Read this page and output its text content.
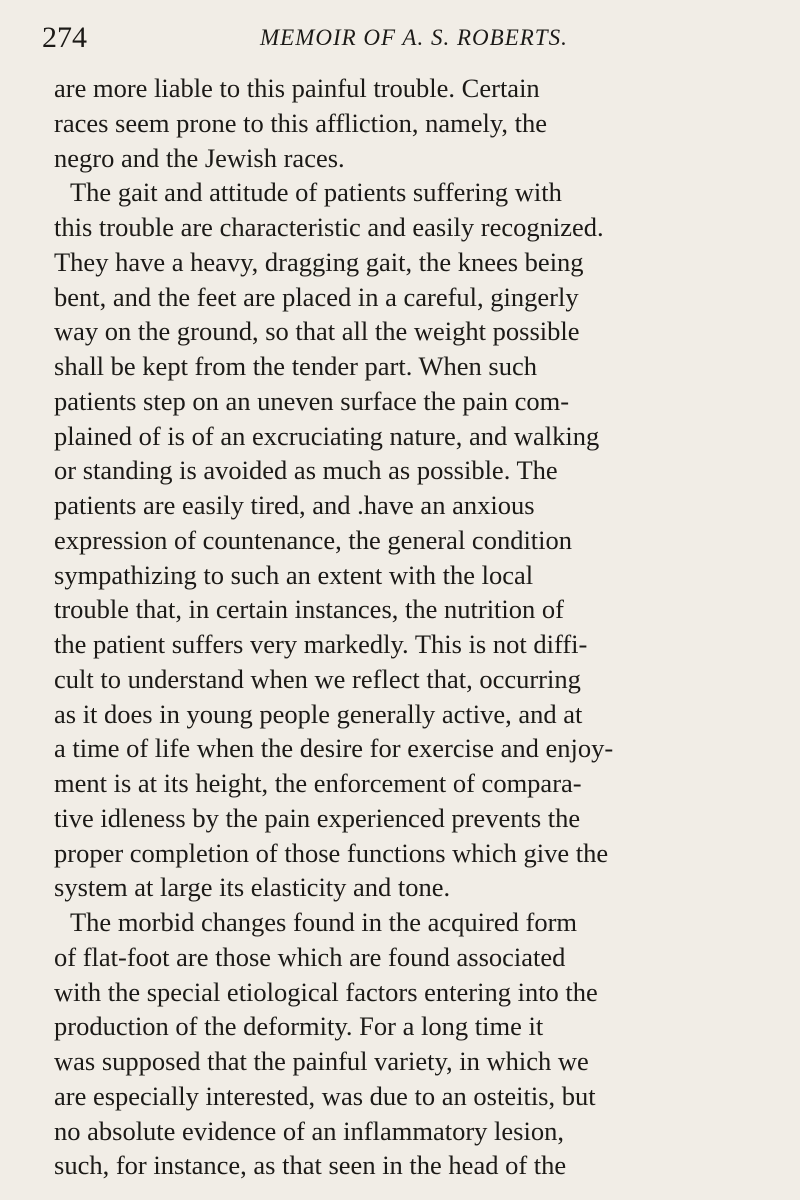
274	MEMOIR OF A. S. ROBERTS.
are more liable to this painful trouble. Certain
races seem prone to this affliction, namely, the
negro and the Jewish races.
The gait and attitude of patients suffering with
this trouble are characteristic and easily recognized.
They have a heavy, dragging gait, the knees being
bent, and the feet are placed in a careful, gingerly
way on the ground, so that all the weight possible
shall be kept from the tender part. When such
patients step on an uneven surface the pain com-
plained of is of an excruciating nature, and walking
or standing is avoided as much as possible. The
patients are easily tired, and .have an anxious
expression of countenance, the general condition
sympathizing to such an extent with the local
trouble that, in certain instances, the nutrition of
the patient suffers very markedly. This is not diffi-
cult to understand when we reflect that, occurring
as it does in young people generally active, and at
a time of life when the desire for exercise and enjoy-
ment is at its height, the enforcement of compara-
tive idleness by the pain experienced prevents the
proper completion of those functions which give the
system at large its elasticity and tone.
The morbid changes found in the acquired form
of flat-foot are those which are found associated
with the special etiological factors entering into the
production of the deformity. For a long time it
was supposed that the painful variety, in which we
are especially interested, was due to an osteitis, but
no absolute evidence of an inflammatory lesion,
such, for instance, as that seen in the head of the
